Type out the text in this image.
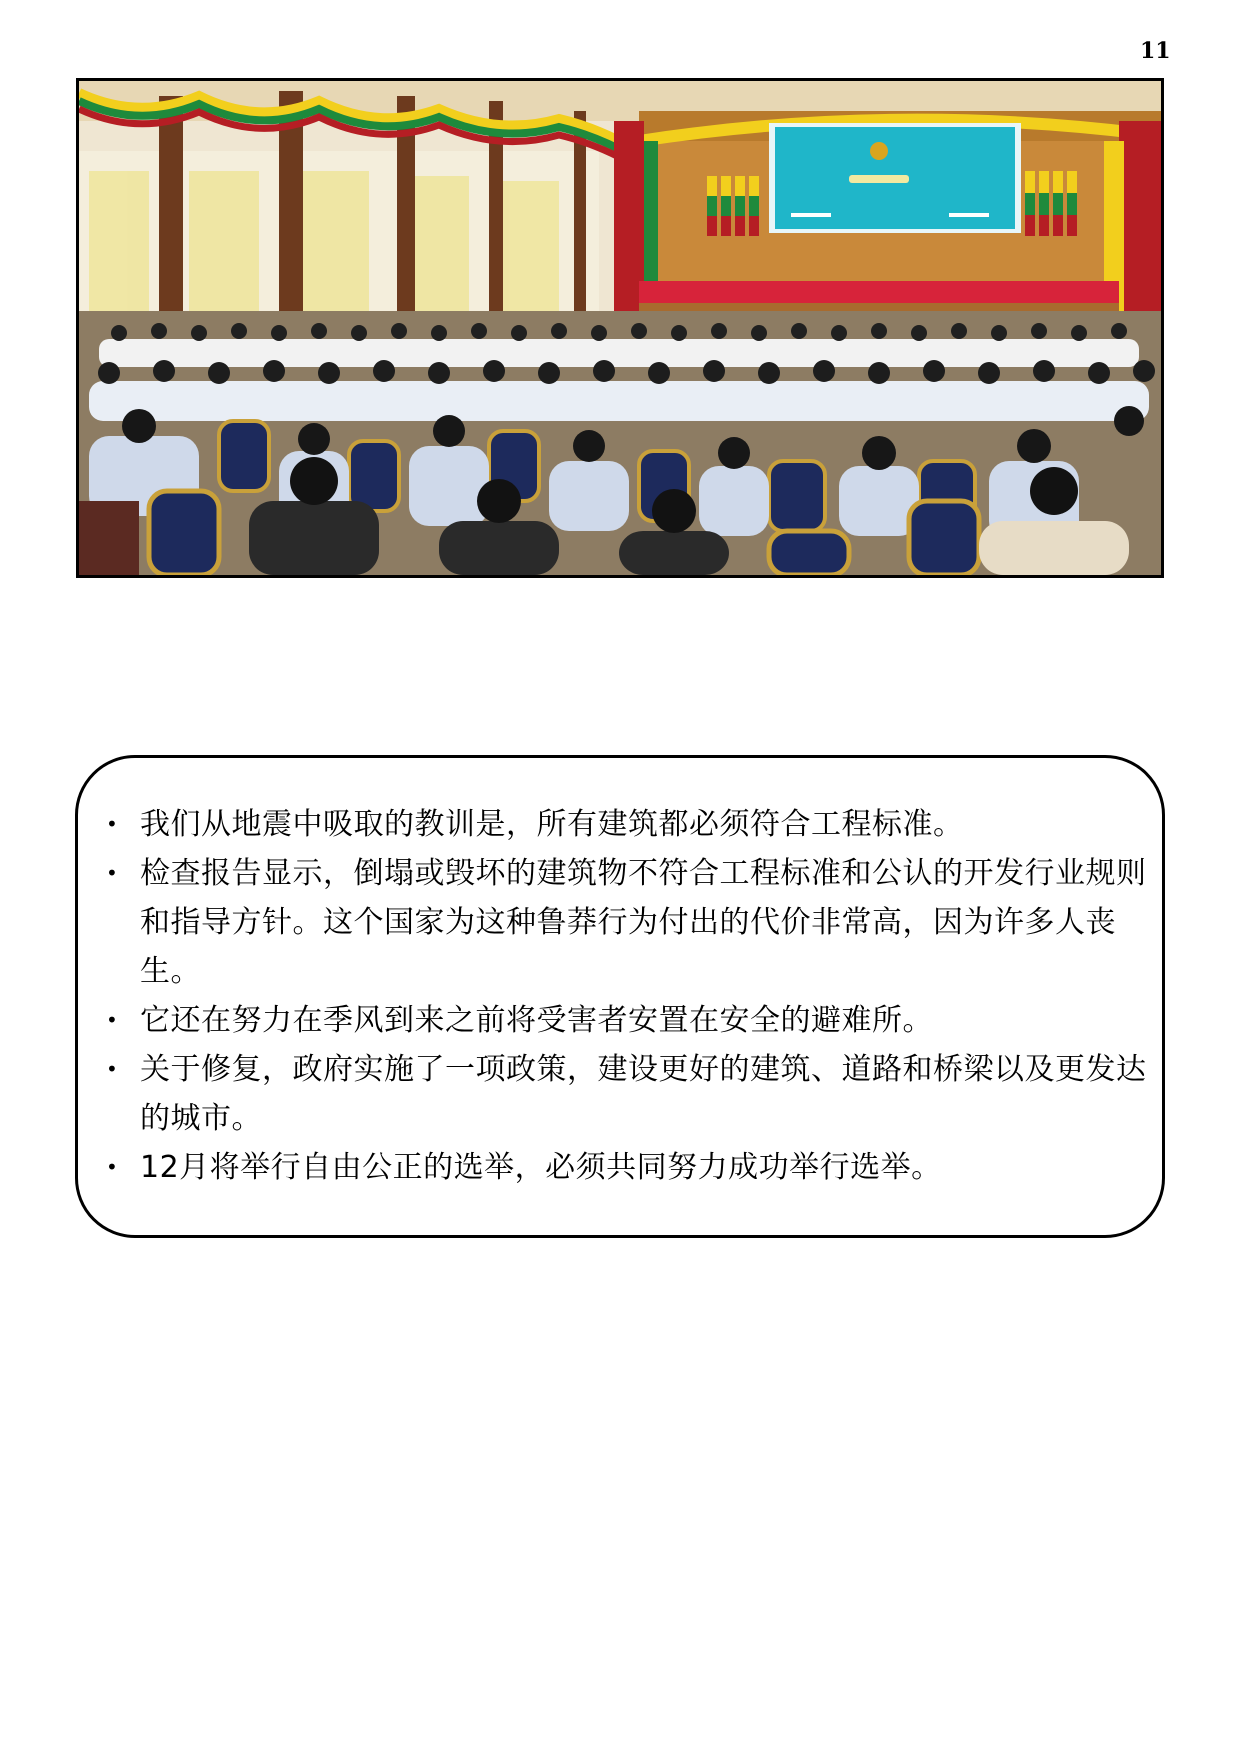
11
• 我们从地震中吸取的教训是，所有建筑都必须符合工程标准。
• 检查报告显示，倒塌或毁坏的建筑物不符合工程标准和公认的开发行业规则和指导方针。这个国家为这种鲁莽行为付出的代价非常高，因为许多人丧生。
• 它还在努力在季风到来之前将受害者安置在安全的避难所。
• 关于修复，政府实施了一项政策，建设更好的建筑、道路和桥梁以及更发达的城市。
• 12月将举行自由公正的选举，必须共同努力成功举行选举。
